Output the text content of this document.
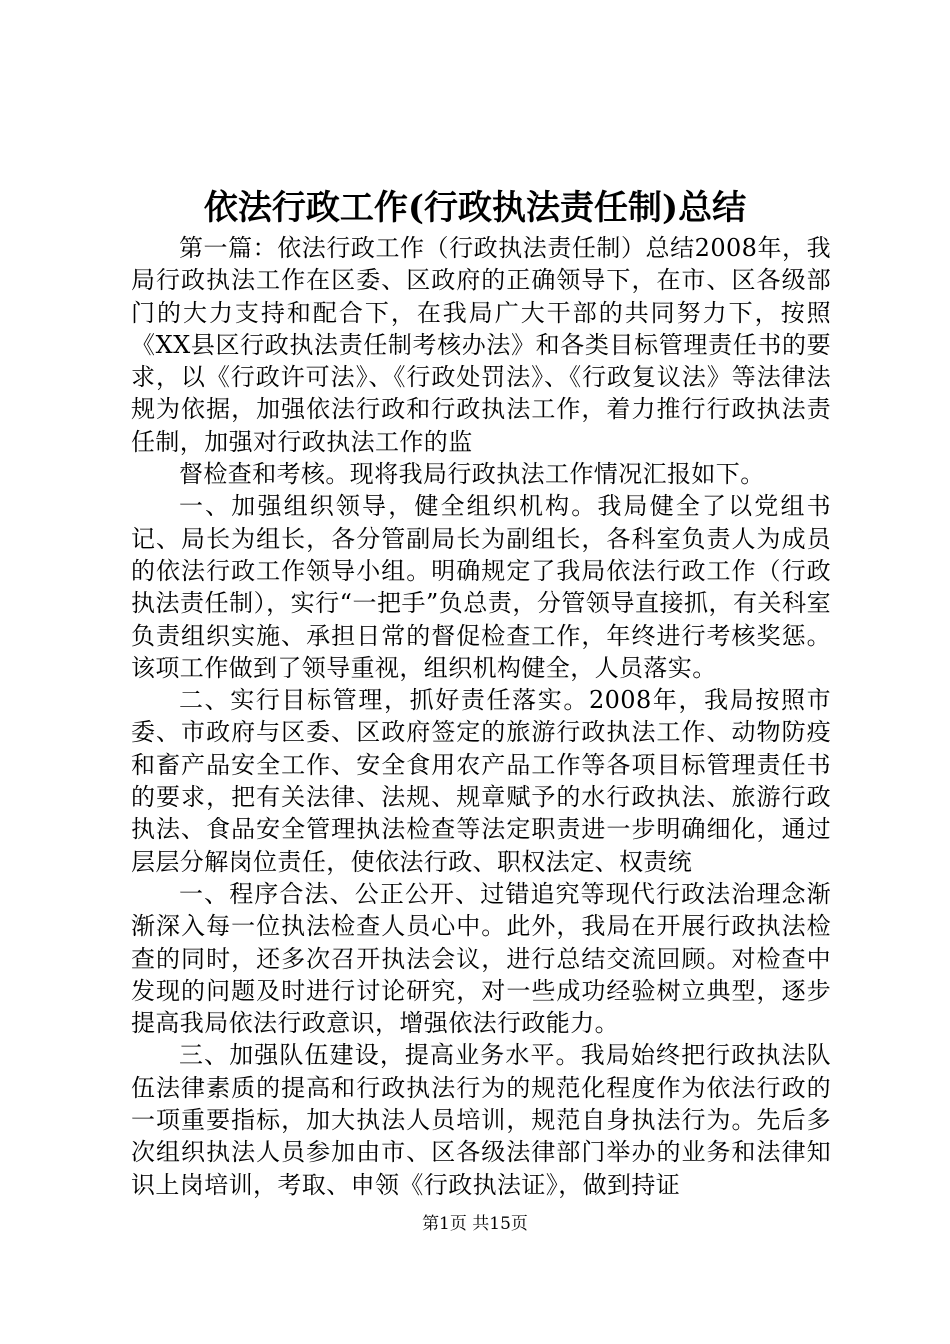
依法行政工作(行政执法责任制)总结

第一篇：依法行政工作（行政执法责任制）总结2008年，我局行政执法工作在区委、区政府的正确领导下，在市、区各级部门的大力支持和配合下，在我局广大干部的共同努力下，按照《XX县区行政执法责任制考核办法》和各类目标管理责任书的要求，以《行政许可法》、《行政处罚法》、《行政复议法》等法律法规为依据，加强依法行政和行政执法工作，着力推行行政执法责任制，加强对行政执法工作的监

督检查和考核。现将我局行政执法工作情况汇报如下。

一、加强组织领导，健全组织机构。我局健全了以党组书记、局长为组长，各分管副局长为副组长，各科室负责人为成员的依法行政工作领导小组。明确规定了我局依法行政工作（行政执法责任制），实行“一把手”负总责，分管领导直接抓，有关科室负责组织实施、承担日常的督促检查工作，年终进行考核奖惩。该项工作做到了领导重视，组织机构健全，人员落实。

二、实行目标管理，抓好责任落实。2008年，我局按照市委、市政府与区委、区政府签定的旅游行政执法工作、动物防疫和畜产品安全工作、安全食用农产品工作等各项目标管理责任书的要求，把有关法律、法规、规章赋予的水行政执法、旅游行政执法、食品安全管理执法检查等法定职责进一步明确细化，通过层层分解岗位责任，使依法行政、职权法定、权责统

一、程序合法、公正公开、过错追究等现代行政法治理念渐渐深入每一位执法检查人员心中。此外，我局在开展行政执法检查的同时，还多次召开执法会议，进行总结交流回顾。对检查中发现的问题及时进行讨论研究，对一些成功经验树立典型，逐步提高我局依法行政意识，增强依法行政能力。

三、加强队伍建设，提高业务水平。我局始终把行政执法队伍法律素质的提高和行政执法行为的规范化程度作为依法行政的一项重要指标，加大执法人员培训，规范自身执法行为。先后多次组织执法人员参加由市、区各级法律部门举办的业务和法律知识上岗培训，考取、申领《行政执法证》，做到持证

第1页 共15页
